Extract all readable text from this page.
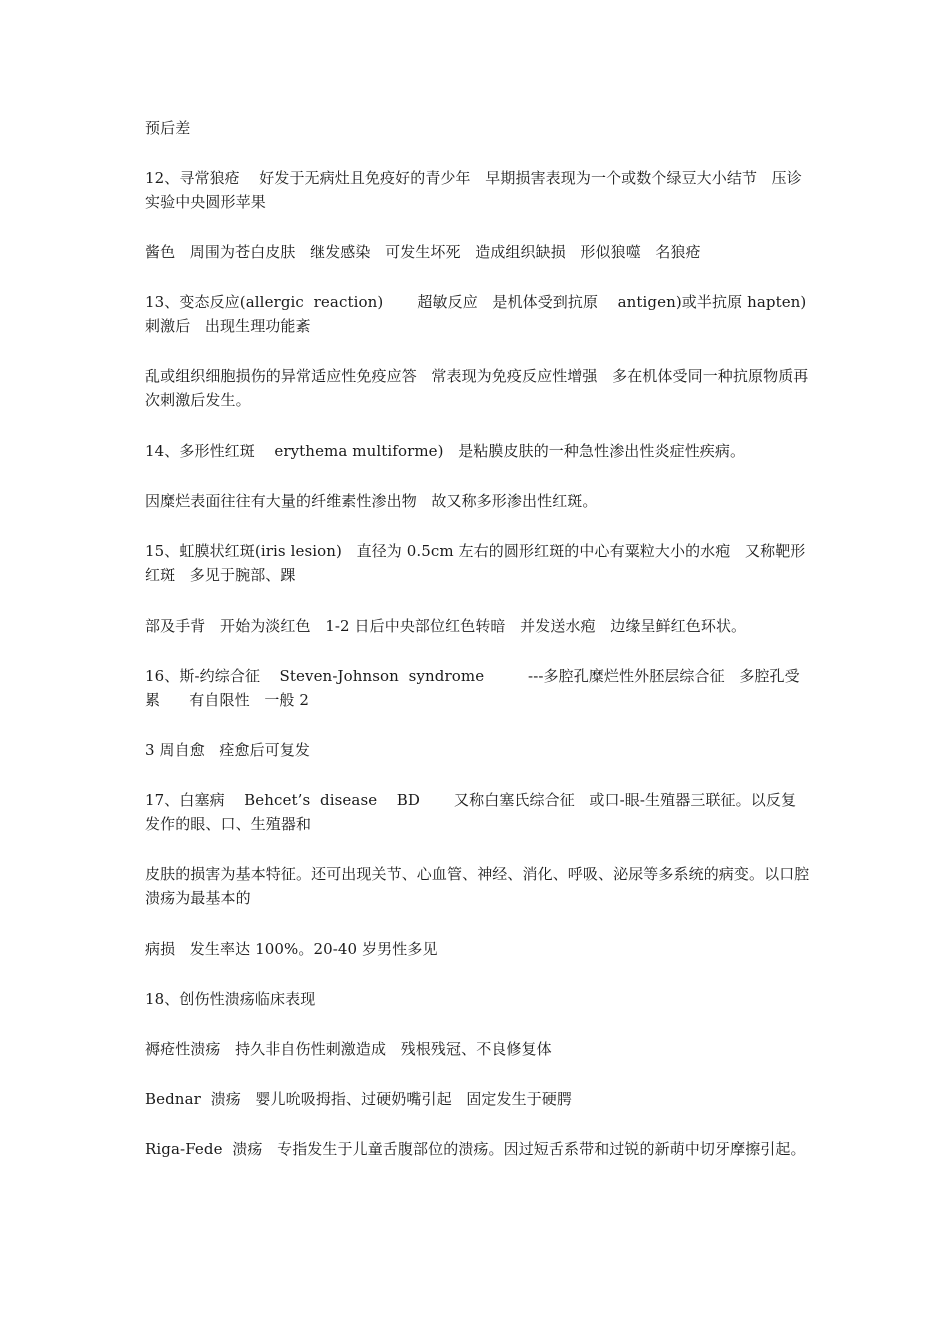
预后差
12、寻常狼疮    好发于无病灶且免疫好的青少年   早期损害表现为一个或数个绿豆大小结节   压诊实验中央圆形苹果
酱色   周围为苍白皮肤   继发感染   可发生坏死   造成组织缺损   形似狼噬   名狼疮
13、变态反应(allergic  reaction)       超敏反应   是机体受到抗原    antigen)或半抗原 hapten) 刺激后   出现生理功能紊
乱或组织细胞损伤的异常适应性免疫应答   常表现为免疫反应性增强   多在机体受同一种抗原物质再次刺激后发生。
14、多形性红斑    erythema multiforme)   是粘膜皮肤的一种急性渗出性炎症性疾病。
因糜烂表面往往有大量的纤维素性渗出物   故又称多形渗出性红斑。
15、虹膜状红斑(iris lesion)   直径为 0.5cm 左右的圆形红斑的中心有粟粒大小的水疱   又称靶形红斑   多见于腕部、踝
部及手背   开始为淡红色   1-2 日后中央部位红色转暗   并发送水疱   边缘呈鲜红色环状。
16、斯-约综合征    Steven-Johnson  syndrome         ---多腔孔糜烂性外胚层综合征   多腔孔受累      有自限性   一般 2
3 周自愈   痊愈后可复发
17、白塞病    Behcet’s  disease    BD       又称白塞氏综合征   或口-眼-生殖器三联征。以反复发作的眼、口、生殖器和
皮肤的损害为基本特征。还可出现关节、心血管、神经、消化、呼吸、泌尿等多系统的病变。以口腔溃疡为最基本的
病损   发生率达 100%。20-40 岁男性多见
18、创伤性溃疡临床表现
褥疮性溃疡   持久非自伤性刺激造成   残根残冠、不良修复体
Bednar  溃疡   婴儿吮吸拇指、过硬奶嘴引起   固定发生于硬腭
Riga-Fede  溃疡   专指发生于儿童舌腹部位的溃疡。因过短舌系带和过锐的新萌中切牙摩擦引起。
